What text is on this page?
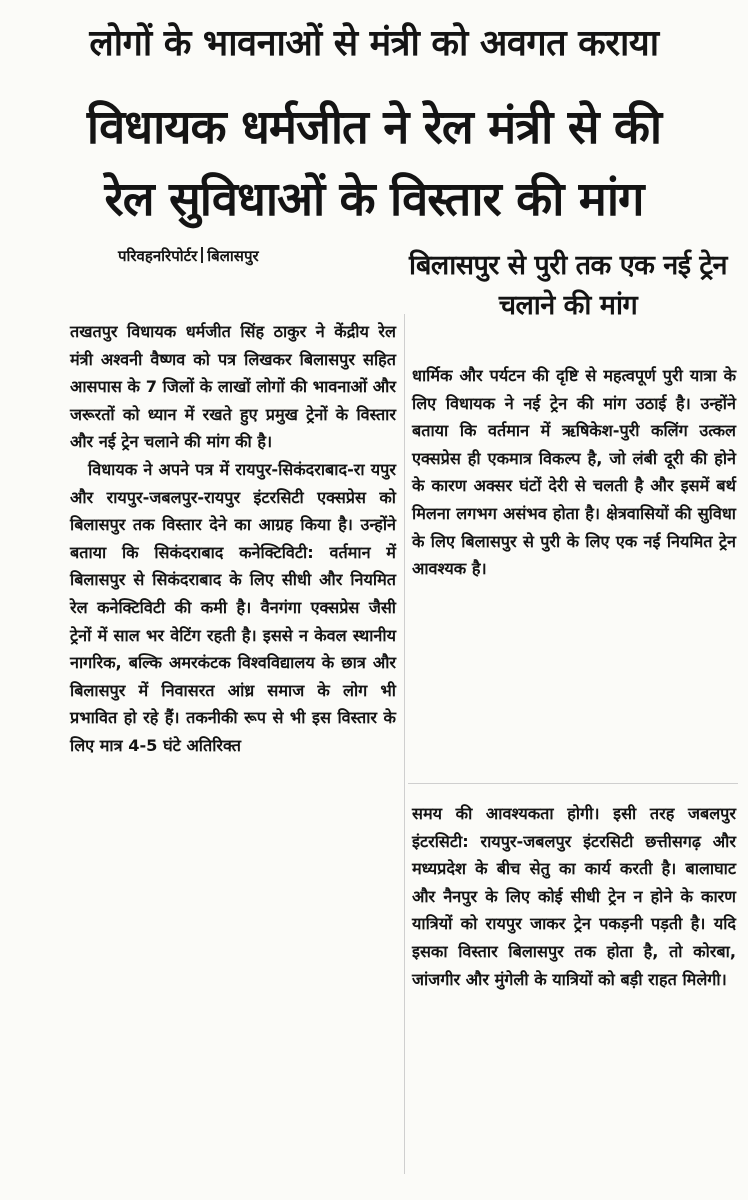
लोगों के भावनाओं से मंत्री को अवगत कराया
विधायक धर्मजीत ने रेल मंत्री से की
रेल सुविधाओं के विस्तार की मांग
परिवहनरिपोर्टर बिलासपुर	बिलासपुर से पुरी तक एक नई ट्रेन चलाने की मांग

तखतपुर विधायक धर्मजीत सिंह ठाकुर ने केंद्रीय रेल मंत्री अश्वनी वैष्णव को पत्र लिखकर बिलासपुर सहित आसपास के 7 जिलों के लाखों लोगों की भावनाओं और जरूरतों को ध्यान में रखते हुए प्रमुख ट्रेनों के विस्तार और नई ट्रेन चलाने की मांग की है।

विधायक ने अपने पत्र में रायपुर-सिकंदराबाद-रा यपुर और रायपुर-जबलपुर-रायपुर इंटरसिटी एक्सप्रेस को बिलासपुर तक विस्तार देने का आग्रह किया है। उन्होंने बताया कि सिकंदराबाद कनेक्टिविटी: वर्तमान में बिलासपुर से सिकंदराबाद के लिए सीधी और नियमित रेल कनेक्टिविटी की कमी है। वैनगंगा एक्सप्रेस जैसी ट्रेनों में साल भर वेटिंग रहती है। इससे न केवल स्थानीय नागरिक, बल्कि अमरकंटक विश्वविद्यालय के छात्र और बिलासपुर में निवासरत आंध्र समाज के लोग भी प्रभावित हो रहे हैं। तकनीकी रूप से भी इस विस्तार के लिए मात्र 4-5 घंटे अतिरिक्त

धार्मिक और पर्यटन की दृष्टि से महत्वपूर्ण पुरी यात्रा के लिए विधायक ने नई ट्रेन की मांग उठाई है। उन्होंने बताया कि वर्तमान में ऋषिकेश-पुरी कलिंग उत्कल एक्सप्रेस ही एकमात्र विकल्प है, जो लंबी दूरी की होने के कारण अक्सर घंटों देरी से चलती है और इसमें बर्थ मिलना लगभग असंभव होता है। क्षेत्रवासियों की सुविधा के लिए बिलासपुर से पुरी के लिए एक नई नियमित ट्रेन आवश्यक है।

समय की आवश्यकता होगी। इसी तरह जबलपुर इंटरसिटी: रायपुर-जबलपुर इंटरसिटी छत्तीसगढ़ और मध्यप्रदेश के बीच सेतु का कार्य करती है। बालाघाट और नैनपुर के लिए कोई सीधी ट्रेन न होने के कारण यात्रियों को रायपुर जाकर ट्रेन पकड़नी पड़ती है। यदि इसका विस्तार बिलासपुर तक होता है, तो कोरबा, जांजगीर और मुंगेली के यात्रियों को बड़ी राहत मिलेगी।
